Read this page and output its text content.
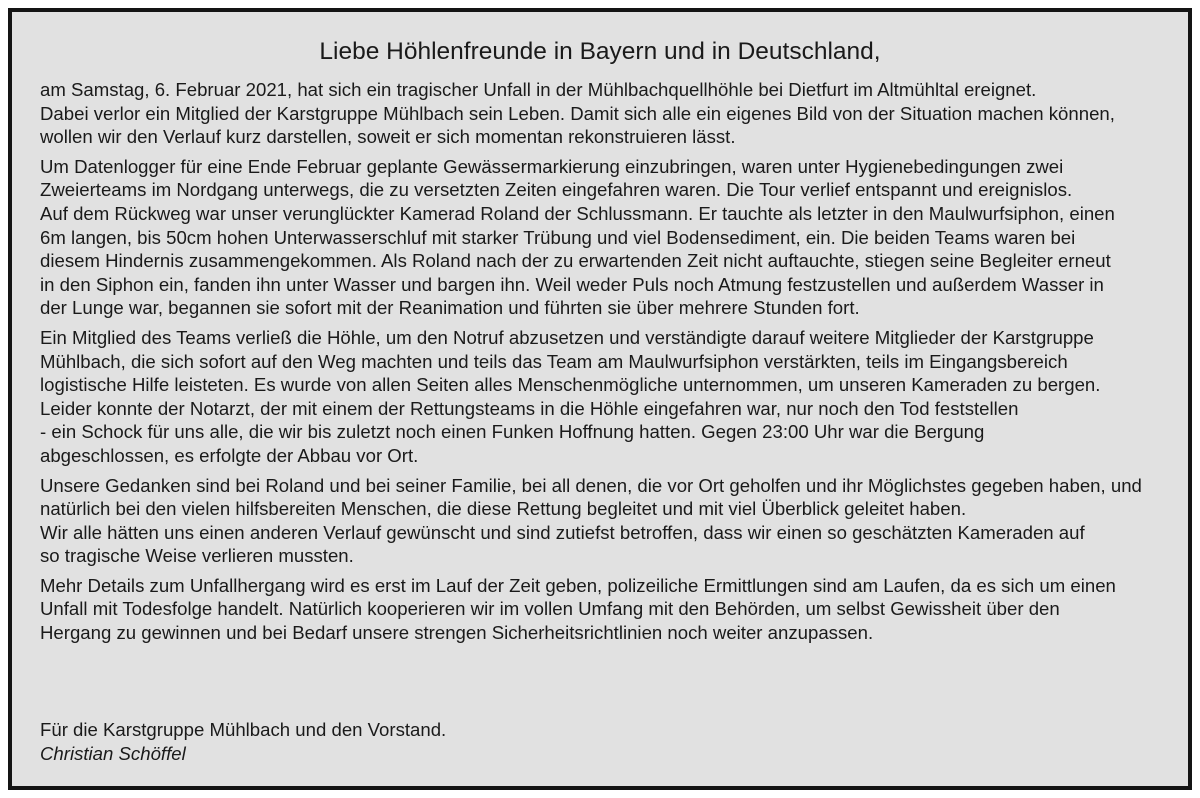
Liebe Höhlenfreunde in Bayern und in Deutschland,
am Samstag, 6. Februar 2021, hat sich ein tragischer Unfall in der Mühlbachquellhöhle bei Dietfurt im Altmühltal ereignet.
Dabei verlor ein Mitglied der Karstgruppe Mühlbach sein Leben. Damit sich alle ein eigenes Bild von der Situation machen können,
wollen wir den Verlauf kurz darstellen, soweit er sich momentan rekonstruieren lässt.
Um Datenlogger für eine Ende Februar geplante Gewässermarkierung einzubringen, waren unter Hygienebedingungen zwei
Zweierteams im Nordgang unterwegs, die zu versetzten Zeiten eingefahren waren. Die Tour verlief entspannt und ereignislos.
Auf dem Rückweg war unser verunglückter Kamerad Roland der Schlussmann. Er tauchte als letzter in den Maulwurfsiphon, einen
6m langen, bis 50cm hohen Unterwasserschluf mit starker Trübung und viel Bodensediment, ein. Die beiden Teams waren bei
diesem Hindernis zusammengekommen. Als Roland nach der zu erwartenden Zeit nicht auftauchte, stiegen seine Begleiter erneut
in den Siphon ein, fanden ihn unter Wasser und bargen ihn. Weil weder Puls noch Atmung festzustellen und außerdem Wasser in
der Lunge war, begannen sie sofort mit der Reanimation und führten sie über mehrere Stunden fort.
Ein Mitglied des Teams verließ die Höhle, um den Notruf abzusetzen und verständigte darauf weitere Mitglieder der Karstgruppe
Mühlbach, die sich sofort auf den Weg machten und teils das Team am Maulwurfsiphon verstärkten, teils im Eingangsbereich
logistische Hilfe leisteten. Es wurde von allen Seiten alles Menschenmögliche unternommen, um unseren Kameraden zu bergen.
Leider konnte der Notarzt, der mit einem der Rettungsteams in die Höhle eingefahren war, nur noch den Tod feststellen
- ein Schock für uns alle, die wir bis zuletzt noch einen Funken Hoffnung hatten. Gegen 23:00 Uhr war die Bergung
abgeschlossen, es erfolgte der Abbau vor Ort.
Unsere Gedanken sind bei Roland und bei seiner Familie, bei all denen, die vor Ort geholfen und ihr Möglichstes gegeben haben, und
natürlich bei den vielen hilfsbereiten Menschen, die diese Rettung begleitet und mit viel Überblick geleitet haben.
Wir alle hätten uns einen anderen Verlauf gewünscht und sind zutiefst betroffen, dass wir einen so geschätzten Kameraden auf
so tragische Weise verlieren mussten.
Mehr Details zum Unfallhergang wird es erst im Lauf der Zeit geben, polizeiliche Ermittlungen sind am Laufen, da es sich um einen
Unfall mit Todesfolge handelt. Natürlich kooperieren wir im vollen Umfang mit den Behörden, um selbst Gewissheit über den
Hergang zu gewinnen und bei Bedarf unsere strengen Sicherheitsrichtlinien noch weiter anzupassen.
Für die Karstgruppe Mühlbach und den Vorstand.
Christian Schöffel
